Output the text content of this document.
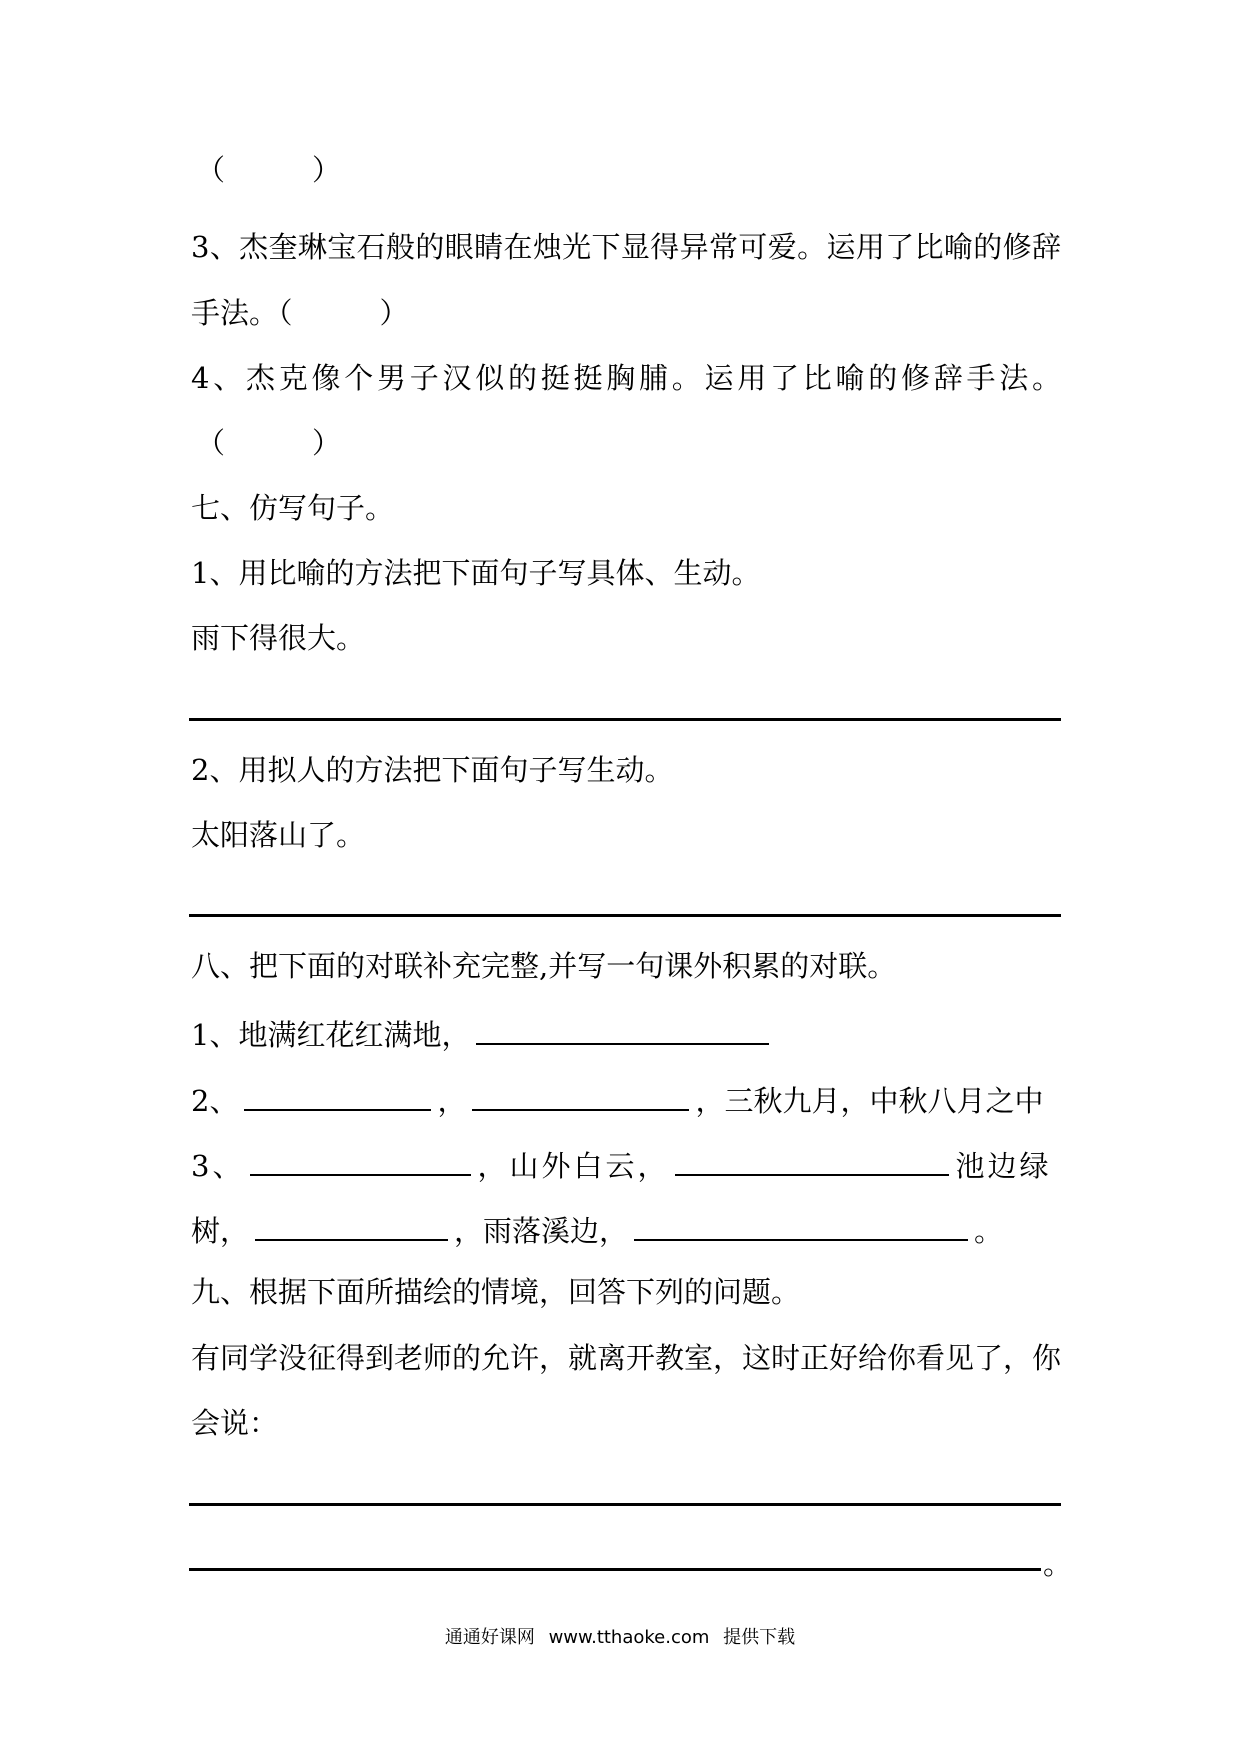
（　　　）
3、杰奎琳宝石般的眼睛在烛光下显得异常可爱。运用了比喻的修辞
手法。（　　　）
4、杰克像个男子汉似的挺挺胸脯。运用了比喻的修辞手法。
（　　　）
七、仿写句子。
1、用比喻的方法把下面句子写具体、生动。
雨下得很大。
2、用拟人的方法把下面句子写生动。
太阳落山了。
八、把下面的对联补充完整,并写一句课外积累的对联。
1、地满红花红满地，
2、	，	，三秋九月，中秋八月之中
3、	，山外白云，	池边绿
树，	，雨落溪边，	。
九、根据下面所描绘的情境，回答下列的问题。
有同学没征得到老师的允许，就离开教室，这时正好给你看见了，你
会说：
。
通通好课网 www.tthaoke.com 提供下载
